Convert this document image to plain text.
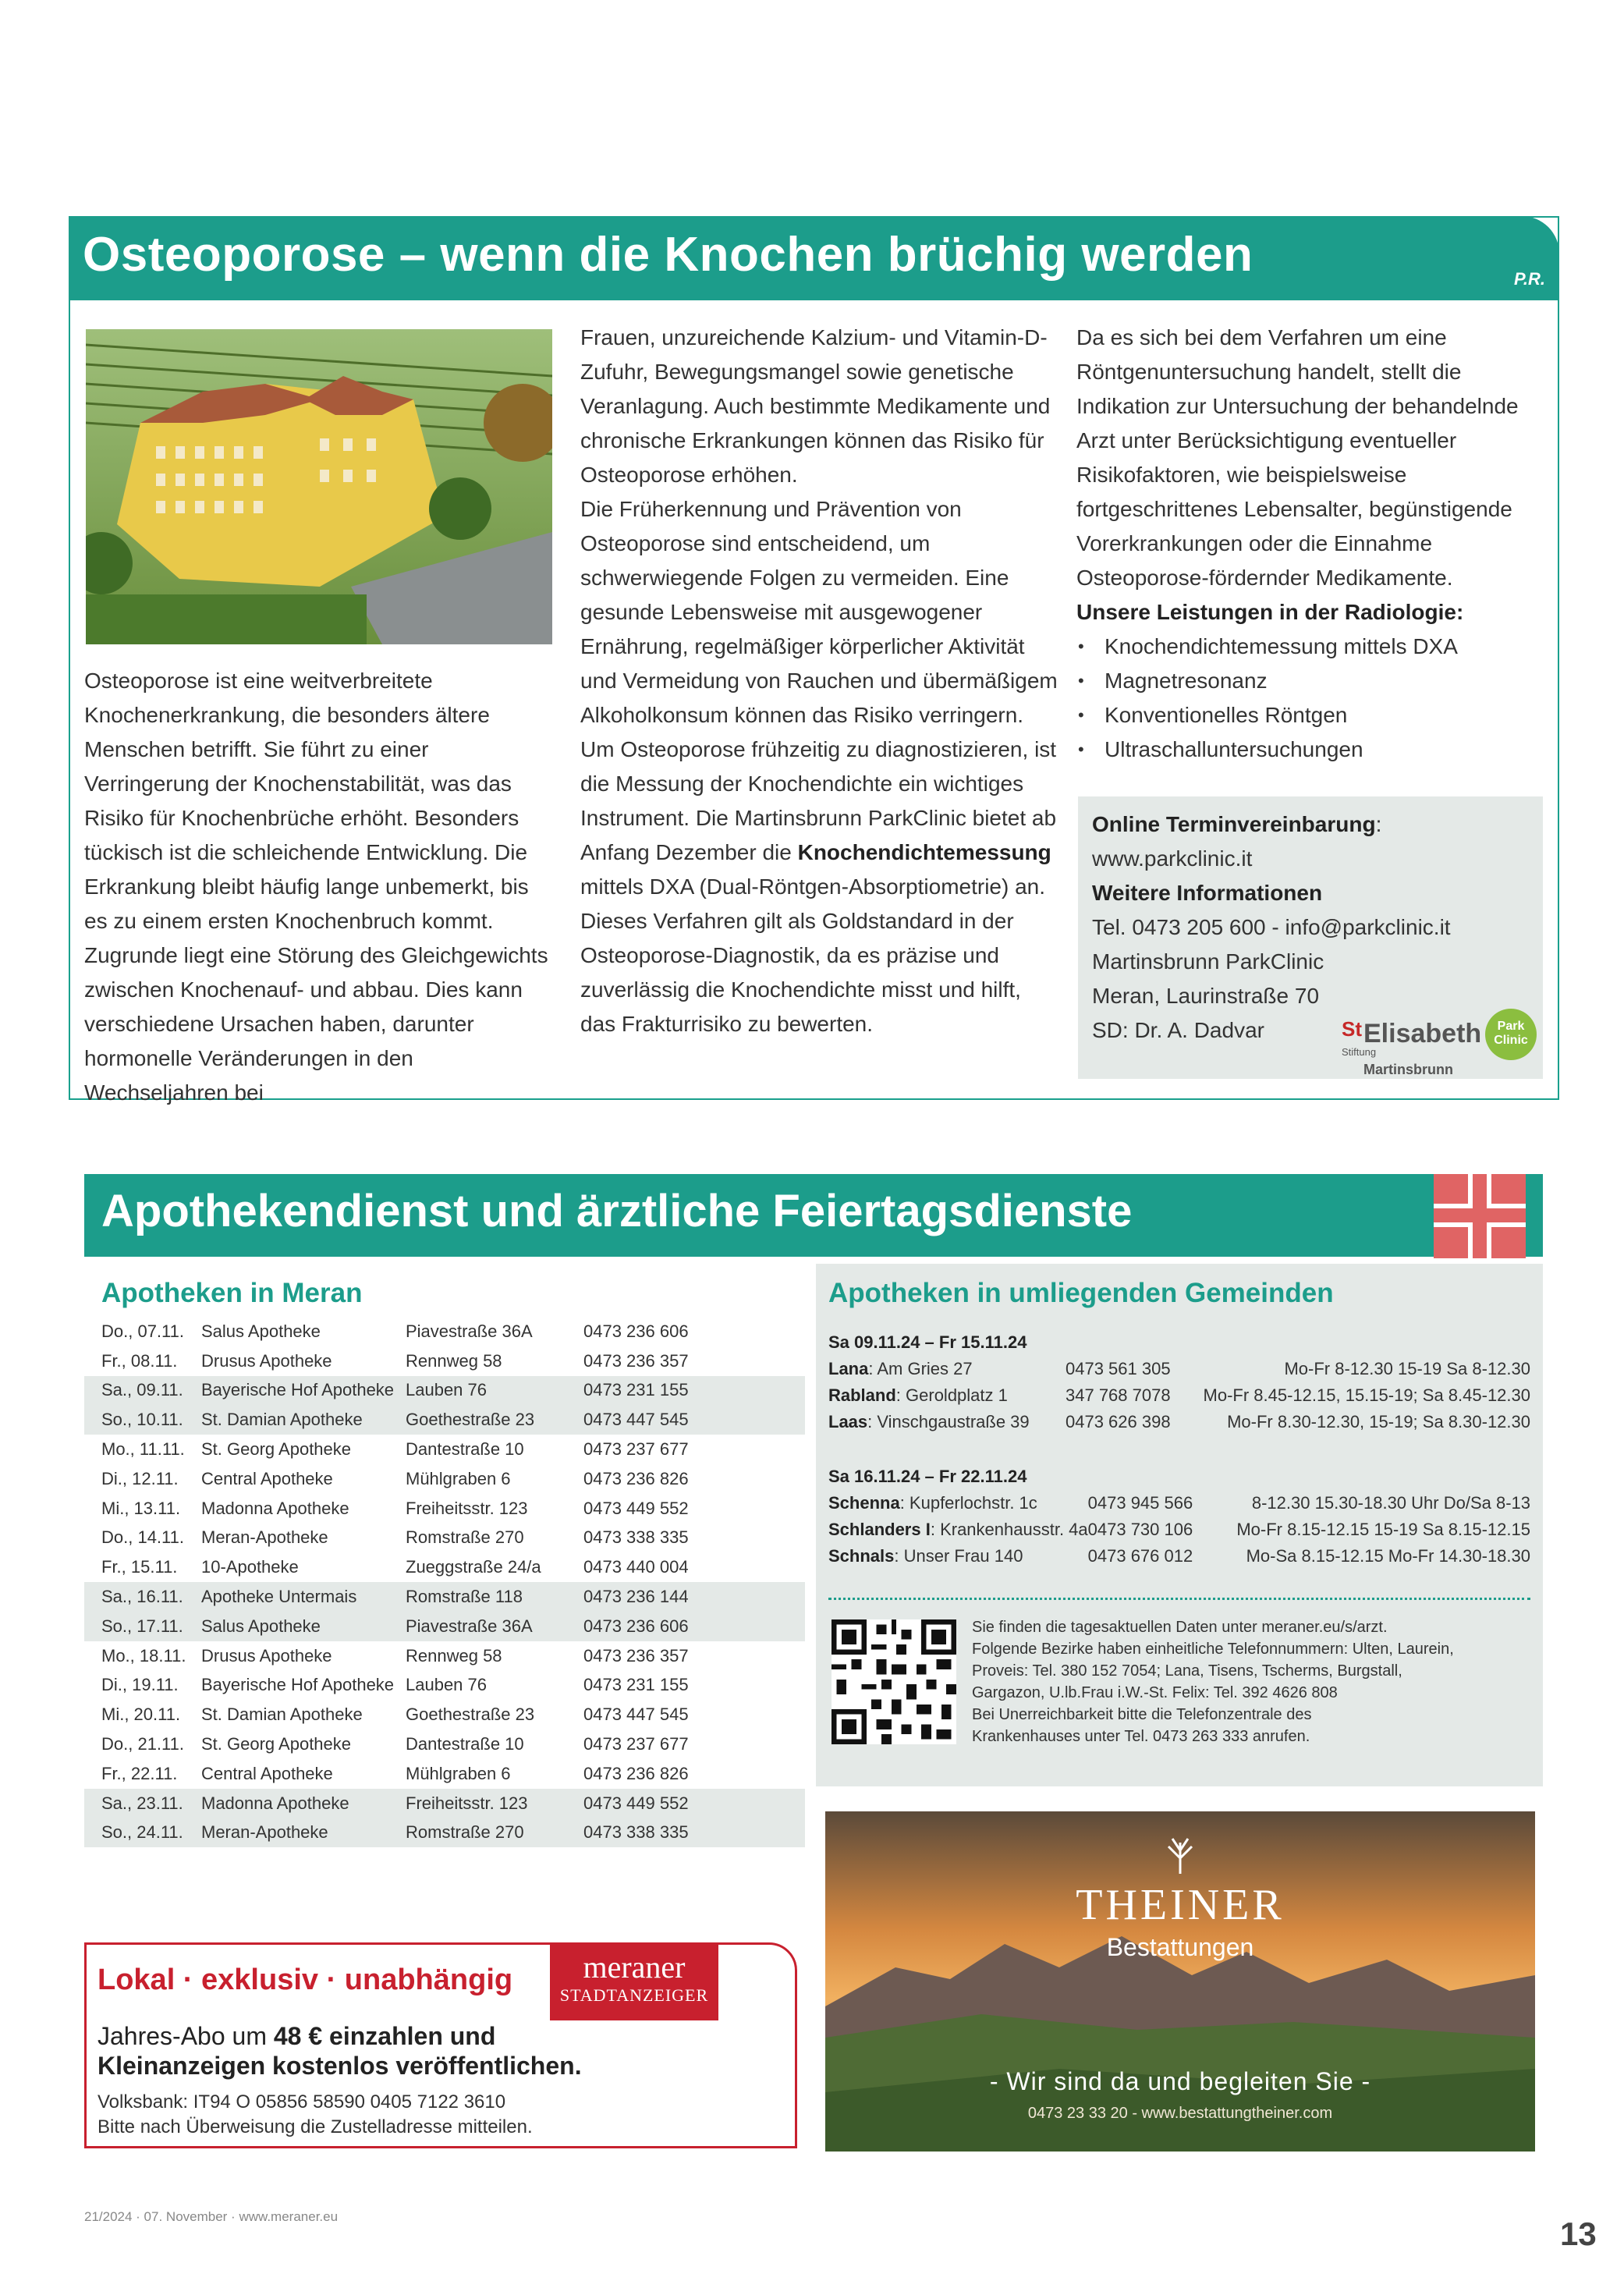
Osteoporose – wenn die Knochen brüchig werden	P.R.

Osteoporose ist eine weitverbreitete Knochenerkrankung, die besonders ältere Menschen betrifft. Sie führt zu einer Verringerung der Knochenstabilität, was das Risiko für Knochenbrüche erhöht. Besonders tückisch ist die schleichende Entwicklung. Die Erkrankung bleibt häufig lange unbemerkt, bis es zu einem ersten Knochenbruch kommt. Zugrunde liegt eine Störung des Gleichgewichts zwischen Knochenauf- und abbau. Dies kann verschiedene Ursachen haben, darunter hormonelle Veränderungen in den Wechseljahren bei

Frauen, unzureichende Kalzium- und Vitamin-D-Zufuhr, Bewegungsmangel sowie genetische Veranlagung. Auch bestimmte Medikamente und chronische Erkrankungen können das Risiko für Osteoporose erhöhen.

Die Früherkennung und Prävention von Osteoporose sind entscheidend, um schwerwiegende Folgen zu vermeiden. Eine gesunde Lebensweise mit ausgewogener Ernährung, regelmäßiger körperlicher Aktivität und Vermeidung von Rauchen und übermäßigem Alkoholkonsum können das Risiko verringern.

Um Osteoporose frühzeitig zu diagnostizieren, ist die Messung der Knochendichte ein wichtiges Instrument. Die Martinsbrunn ParkClinic bietet ab Anfang Dezember die Knochendichtemessung mittels DXA (Dual-Röntgen-Absorptiometrie) an. Dieses Verfahren gilt als Goldstandard in der Osteoporose-Diagnostik, da es präzise und zuverlässig die Knochendichte misst und hilft, das Frakturrisiko zu bewerten.

Da es sich bei dem Verfahren um eine Röntgenuntersuchung handelt, stellt die Indikation zur Untersuchung der behandelnde Arzt unter Berücksichtigung eventueller Risikofaktoren, wie beispielsweise fortgeschrittenes Lebensalter, begünstigende Vorerkrankungen oder die Einnahme Osteoporose-fördernder Medikamente.

Unsere Leistungen in der Radiologie:

• Knochendichtemessung mittels DXA
• Magnetresonanz
• Konventionelles Röntgen
• Ultraschalluntersuchungen
Online Terminvereinbarung:
www.parkclinic.it
Weitere Informationen
Tel. 0473 205 600 - info@parkclinic.it
Martinsbrunn ParkClinic
Meran, Laurinstraße 70
SD: Dr. A. Dadvar	St
Stiftung
Elisabeth
Martinsbrunn
Park
Clinic
Apothekendienst und ärztliche Feiertagsdienste
Apotheken in Meran
Do., 07.11.	Salus Apotheke	Piavestraße 36A	0473 236 606
Fr., 08.11.	Drusus Apotheke	Rennweg 58	0473 236 357
Sa., 09.11.	Bayerische Hof Apotheke	Lauben 76	0473 231 155
So., 10.11.	St. Damian Apotheke	Goethestraße 23	0473 447 545
Mo., 11.11.	St. Georg Apotheke	Dantestraße 10	0473 237 677
Di., 12.11.	Central Apotheke	Mühlgraben 6	0473 236 826
Mi., 13.11.	Madonna Apotheke	Freiheitsstr. 123	0473 449 552
Do., 14.11.	Meran-Apotheke	Romstraße 270	0473 338 335
Fr., 15.11.	10-Apotheke	Zueggstraße 24/a	0473 440 004
Sa., 16.11.	Apotheke Untermais	Romstraße 118	0473 236 144
So., 17.11.	Salus Apotheke	Piavestraße 36A	0473 236 606
Mo., 18.11.	Drusus Apotheke	Rennweg 58	0473 236 357
Di., 19.11.	Bayerische Hof Apotheke	Lauben 76	0473 231 155
Mi., 20.11.	St. Damian Apotheke	Goethestraße 23	0473 447 545
Do., 21.11.	St. Georg Apotheke	Dantestraße 10	0473 237 677
Fr., 22.11.	Central Apotheke	Mühlgraben 6	0473 236 826
Sa., 23.11.	Madonna Apotheke	Freiheitsstr. 123	0473 449 552
So., 24.11.	Meran-Apotheke	Romstraße 270	0473 338 335
Apotheken in umliegenden Gemeinden
Sa 09.11.24 – Fr 15.11.24
Lana: Am Gries 27	0473 561 305	Mo-Fr 8-12.30 15-19 Sa 8-12.30
Rabland: Geroldplatz 1	347 768 7078	Mo-Fr 8.45-12.15, 15.15-19; Sa 8.45-12.30
Laas: Vinschgaustraße 39	0473 626 398	Mo-Fr 8.30-12.30, 15-19; Sa 8.30-12.30
Sa 16.11.24 – Fr 22.11.24
Schenna: Kupferlochstr. 1c	0473 945 566	8-12.30 15.30-18.30 Uhr Do/Sa 8-13
Schlanders I: Krankenhausstr. 4a	0473 730 106	Mo-Fr 8.15-12.15 15-19 Sa 8.15-12.15
Schnals: Unser Frau 140	0473 676 012	Mo-Sa 8.15-12.15 Mo-Fr 14.30-18.30
Sie finden die tagesaktuellen Daten unter meraner.eu/s/arzt.
Folgende Bezirke haben einheitliche Telefonnummern: Ulten, Laurein,
Proveis: Tel. 380 152 7054; Lana, Tisens, Tscherms, Burgstall,
Gargazon, U.lb.Frau i.W.-St. Felix: Tel. 392 4626 808
Bei Unerreichbarkeit bitte die Telefonzentrale des
Krankenhauses unter Tel. 0473 263 333 anrufen.
Lokal · exklusiv · unabhängig	meraner
STADTANZEIGER
Jahres-Abo um 48 € einzahlen und
Kleinanzeigen kostenlos veröffentlichen.
Volksbank: IT94 O 05856 58590 0405 7122 3610
Bitte nach Überweisung die Zustelladresse mitteilen.
THEINER
Bestattungen
- Wir sind da und begleiten Sie -
0473 23 33 20 - www.bestattungtheiner.com
21/2024 · 07. November · www.meraner.eu	13
